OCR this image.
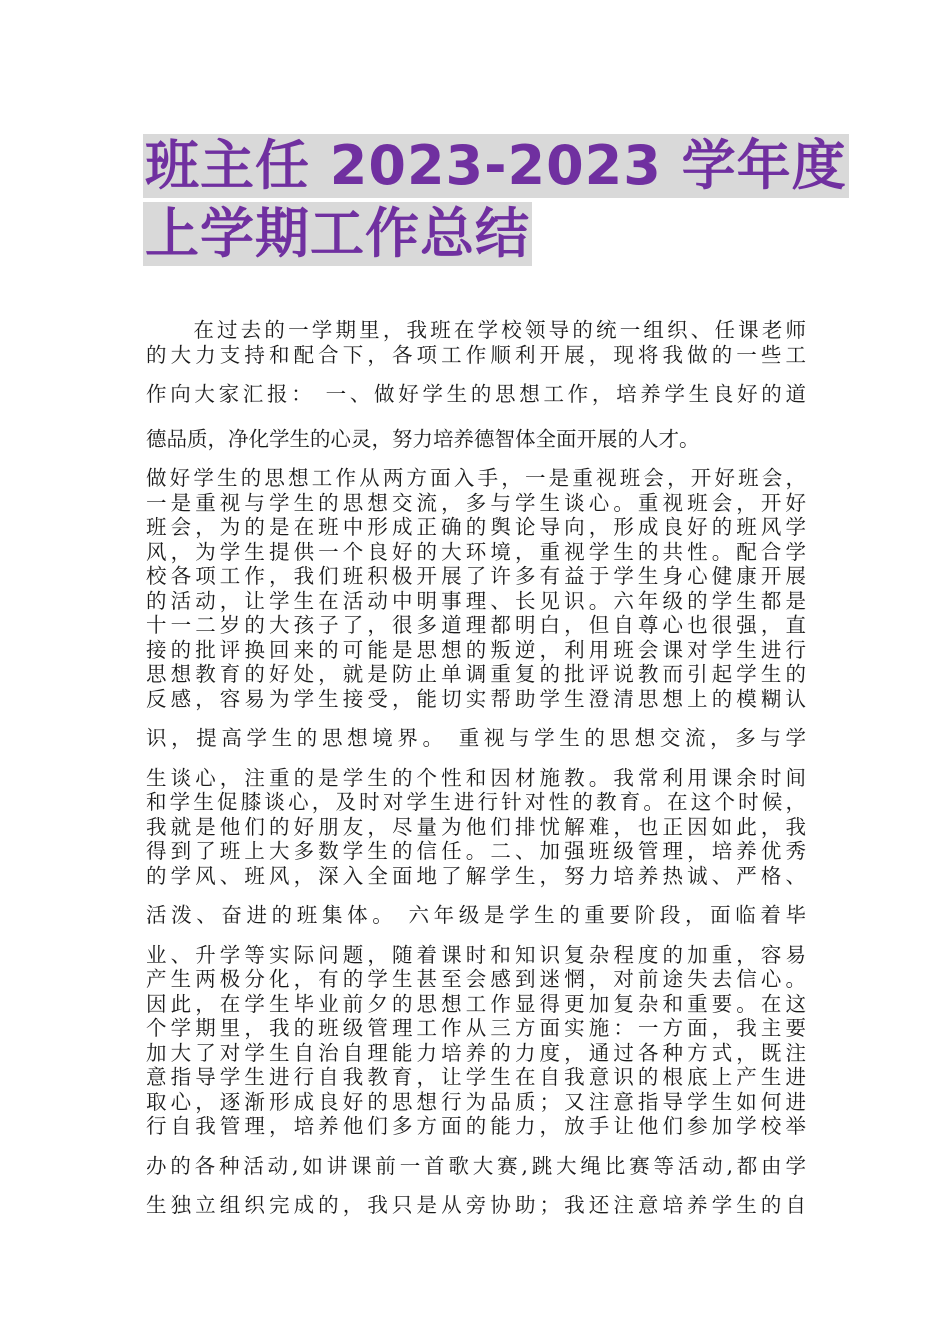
班主任 2023-2023 学年度
上学期工作总结
　　在过去的一学期里，我班在学校领导的统一组织、任课老师
的大力支持和配合下，各项工作顺利开展，现将我做的一些工
作向大家汇报： 一、做好学生的思想工作，培养学生良好的道
德品质，净化学生的心灵，努力培养德智体全面开展的人才。
做好学生的思想工作从两方面入手，一是重视班会，开好班会，
一是重视与学生的思想交流，多与学生谈心。重视班会，开好
班会，为的是在班中形成正确的舆论导向，形成良好的班风学
风，为学生提供一个良好的大环境，重视学生的共性。配合学
校各项工作，我们班积极开展了许多有益于学生身心健康开展
的活动，让学生在活动中明事理、长见识。六年级的学生都是
十一二岁的大孩子了，很多道理都明白，但自尊心也很强，直
接的批评换回来的可能是思想的叛逆，利用班会课对学生进行
思想教育的好处，就是防止单调重复的批评说教而引起学生的
反感，容易为学生接受，能切实帮助学生澄清思想上的模糊认
识，提高学生的思想境界。 重视与学生的思想交流，多与学
生谈心，注重的是学生的个性和因材施教。我常利用课余时间
和学生促膝谈心，及时对学生进行针对性的教育。在这个时候，
我就是他们的好朋友，尽量为他们排忧解难，也正因如此，我
得到了班上大多数学生的信任。二、加强班级管理，培养优秀
的学风、班风，深入全面地了解学生，努力培养热诚、严格、
活泼、奋进的班集体。 六年级是学生的重要阶段，面临着毕
业、升学等实际问题，随着课时和知识复杂程度的加重，容易
产生两极分化，有的学生甚至会感到迷惘，对前途失去信心。
因此，在学生毕业前夕的思想工作显得更加复杂和重要。在这
个学期里，我的班级管理工作从三方面实施：一方面，我主要
加大了对学生自治自理能力培养的力度，通过各种方式，既注
意指导学生进行自我教育，让学生在自我意识的根底上产生进
取心，逐渐形成良好的思想行为品质；又注意指导学生如何进
行自我管理，培养他们多方面的能力，放手让他们参加学校举
办的各种活动,如讲课前一首歌大赛,跳大绳比赛等活动,都由学
生独立组织完成的，我只是从旁协助；我还注意培养学生的自
